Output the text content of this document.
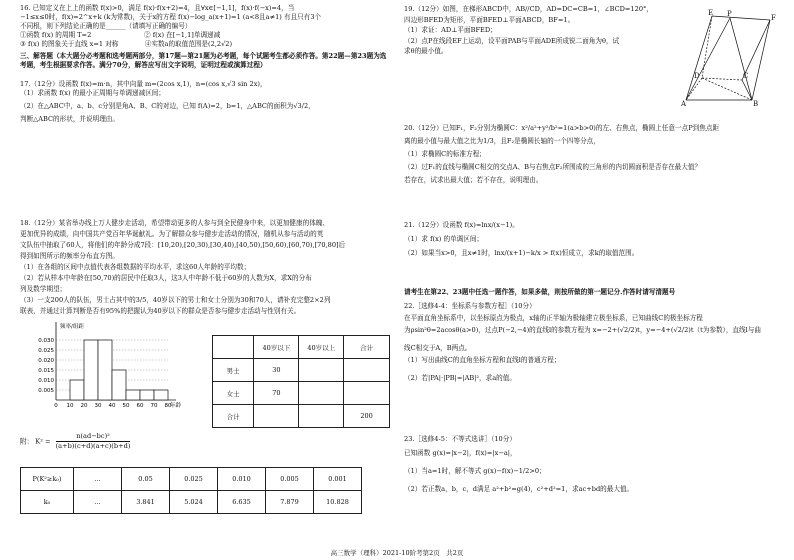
16. 已知定义在上上的函数 f(x)>0，满足 f(x)·f(x+2)=4，且∀x∈[−1,1]，f(x)·f(−x)=4，当
−1≤x≤0时，f(x)=2^x+k (k为常数)，关于x的方程 f(x)−log_a(x+1)=1 (a<8且a≠1) 有且只有3个
不同根，则下列结论正确的是______（请填写正确的编号）
①函数 f(x) 的周期 T=2　　　　　　　　② f(x) 在[−1,1]单调递减
③ f(x) 的图象关于直线 x=1 对称　　　　④实数a的取值范围是(2,2√2)
三、解答题（本大题分必考题和选考题两部分，第17题—第21题为必考题，每个试题考生都必须作答。第22题—第23题为选考题，考生根据要求作答。满分70分，解答应写出文字说明，证明过程或演算过程）
17.（12分）设函数 f(x)=m·n，其中向量 m=(2cos x,1)，n=(cos x,√3 sin 2x)，
（1）求函数 f(x) 的最小正周期与单调递减区间；
（2）在△ABC中，a、b、c分别是角A、B、C的对边，已知 f(A)=2，b=1，△ABC的面积为√3/2，
判断△ABC的形状，并说明理由。
18.（12分）某省举办线上万人健步走活动，希望带动更多的人参与到全民健身中来，以更加健康的体魄、
更加优异的成绩，向中国共产党百年华诞献礼。为了解群众参与健步走活动的情况，随机从参与活动的英
文队伍中抽取了60人，将他们的年龄分成7段：[10,20),[20,30),[30,40),[40,50),[50,60),[60,70),[70,80]后
得到如图所示的频率分布直方图。
（1）在各组的区间中点值代表各组数据的平均水平，求这60人年龄的平均数；
（2）若从样本中年龄在[50,70)的居民中任取3人，这3人中年龄不低于60岁的人数为X，求X的分布
列及数学期望；
（3）一支200人的队伍，男士占其中的3/5，40岁以下的男士和女士分别为30和70人，请补充完整2×2列
联表，并通过计算判断是否有95%的把握认为40岁以下的群众是否参与健步走活动与性别有关。
0.030
0.025
0.020
0.015
0.010
0.005
0 10 20 30 40 50 60 70 80
频率/组距
年龄
	40岁以下	40岁以上	合计
男士	30		
女士	70		
合计			200
附： $K^2 = \frac{\text{n(ad−bc)²}}{(a+b)(c+d)(a+c)(b+d)}$
P(K²≥k₀)	…	0.05	0.025	0.010	0.005	0.001
k₀	…	3.841	5.024	6.635	7.879	10.828
19.（12分）如图，在梯形ABCD中，AB//CD，AD=DC=CB=1，∠BCD=120°，
四边形BFED为矩形，平面BFED⊥平面ABCD，BF=1。
（1）求证：AD⊥平面BFED；
（2）点P在线段EF上运动，设平面PAB与平面ADE所成锐二面角为θ，试
求θ的最小值。
20.（12分）已知F₁，F₂分别为椭圆C：x²/a²+y²/b²=1(a>b>0)的左、右焦点，椭圆上任意一点P到焦点距
离的最小值与最大值之比为1/3，且F₂是椭圆长轴的一个四等分点，
（1）求椭圆C的标准方程；
（2）过F₁的直线与椭圆C相交的交点A、B与右焦点F₂所围成的三角形的内切圆面积是否存在最大值？
若存在，试求出最大值；若不存在，说明理由。
21.（12分）设函数 f(x)=lnx/(x−1)。
（1）求 f(x) 的单调区间；
（2）如果当x>0，且x≠1时，lnx/(x+1)−k/x > f(x)恒成立，求k的取值范围。
请考生在第22、23题中任选一题作答，如果多做，则按所做的第一题记分.作答时请写清题号
22.［选修4-4：坐标系与参数方程］（10分）
在平面直角坐标系中，以坐标原点为极点，x轴的正半轴为极轴建立极坐标系，已知曲线C的极坐标方程
为ρsin²θ=2acosθ(a>0)，过点P(−2,−4)的直线l的参数方程为 x=−2+(√2/2)t，y=−4+(√2/2)t（t为参数），直线l与曲
线C相交于A，B两点。
（1）写出曲线C的直角坐标方程和直线l的普通方程；
（2）若|PA|·|PB|=|AB|²，求a的值。
23.［选修4-5：不等式选讲］（10分）
已知函数 g(x)=|x−2|，f(x)=|x−a|，
（1）当a=1时，解不等式 g(x)−f(x)−1/2>0；
（2）若正数a，b，c，d满足 a²+b²=g(4)，c²+d²=1，求ac+bd的最大值。
E
F
D
P
C
A	B
高三数学（理科）2021-10阶考第2页　共2页
